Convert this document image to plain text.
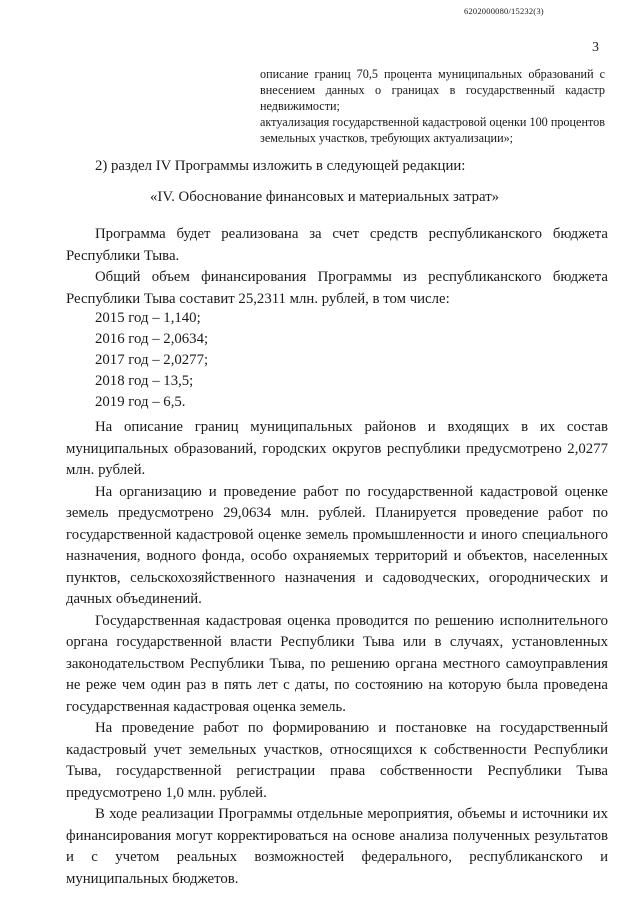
6202000080/15232(3)
3

описание границ 70,5 процента муниципальных образований с внесением данных о границах в государственный кадастр недвижимости;

актуализация государственной кадастровой оценки 100 процентов земельных участков, требующих актуализации»;

2) раздел IV Программы изложить в следующей редакции:
«IV. Обоснование финансовых и материальных затрат»

Программа будет реализована за счет средств республиканского бюджета Республики Тыва.

Общий объем финансирования Программы из республиканского бюджета Республики Тыва составит 25,2311 млн. рублей, в том числе:

2015 год – 1,140;
2016 год – 2,0634;
2017 год – 2,0277;
2018 год – 13,5;
2019 год – 6,5.

На описание границ муниципальных районов и входящих в их состав муниципальных образований, городских округов республики предусмотрено 2,0277 млн. рублей.

На организацию и проведение работ по государственной кадастровой оценке земель предусмотрено 29,0634 млн. рублей. Планируется проведение работ по государственной кадастровой оценке земель промышленности и иного специального назначения, водного фонда, особо охраняемых территорий и объектов, населенных пунктов, сельскохозяйственного назначения и садоводческих, огороднических и дачных объединений.

Государственная кадастровая оценка проводится по решению исполнительного органа государственной власти Республики Тыва или в случаях, установленных законодательством Республики Тыва, по решению органа местного самоуправления не реже чем один раз в пять лет с даты, по состоянию на которую была проведена государственная кадастровая оценка земель.

На проведение работ по формированию и постановке на государственный кадастровый учет земельных участков, относящихся к собственности Республики Тыва, государственной регистрации права собственности Республики Тыва предусмотрено 1,0 млн. рублей.

В ходе реализации Программы отдельные мероприятия, объемы и источники их финансирования могут корректироваться на основе анализа полученных результатов и с учетом реальных возможностей федерального, республиканского и муниципальных бюджетов.
